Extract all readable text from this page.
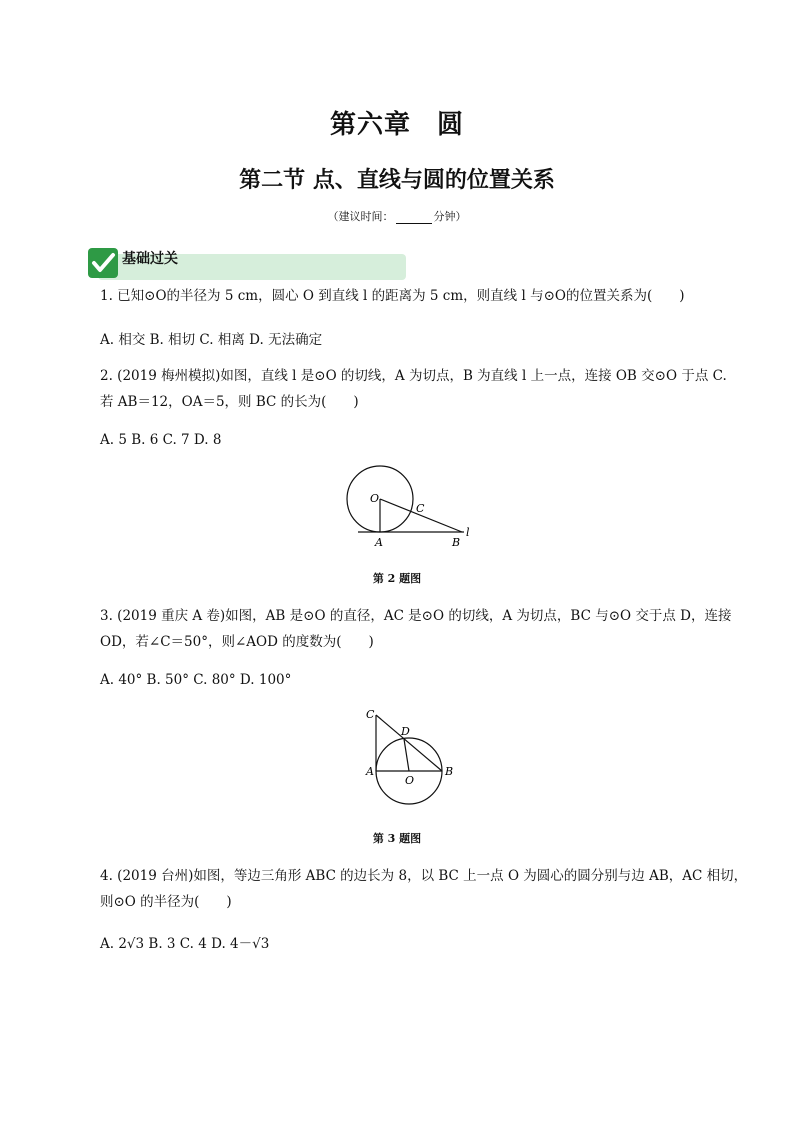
第六章 圆
第二节 点、直线与圆的位置关系
（建议时间：	分钟）
基础过关
1. 已知⊙O的半径为 5 cm，圆心 O 到直线 l 的距离为 5 cm，则直线 l 与⊙O的位置关系为(　　)
A. 相交 B. 相切 C. 相离 D. 无法确定
2. (2019 梅州模拟)如图，直线 l 是⊙O 的切线，A 为切点，B 为直线 l 上一点，连接 OB 交⊙O 于点 C.
若 AB＝12，OA＝5，则 BC 的长为(　　)
A. 5 B. 6 C. 7 D. 8
O
C
A	B
l
第 2 题图
3. (2019 重庆 A 卷)如图，AB 是⊙O 的直径，AC 是⊙O 的切线，A 为切点，BC 与⊙O 交于点 D，连接
OD，若∠C＝50°，则∠AOD 的度数为(　　)
A. 40° B. 50° C. 80° D. 100°
C
D
A
O
B
第 3 题图
4. (2019 台州)如图，等边三角形 ABC 的边长为 8，以 BC 上一点 O 为圆心的圆分别与边 AB，AC 相切，
则⊙O 的半径为(　　)
A. 2√3 B. 3 C. 4 D. 4－√3
